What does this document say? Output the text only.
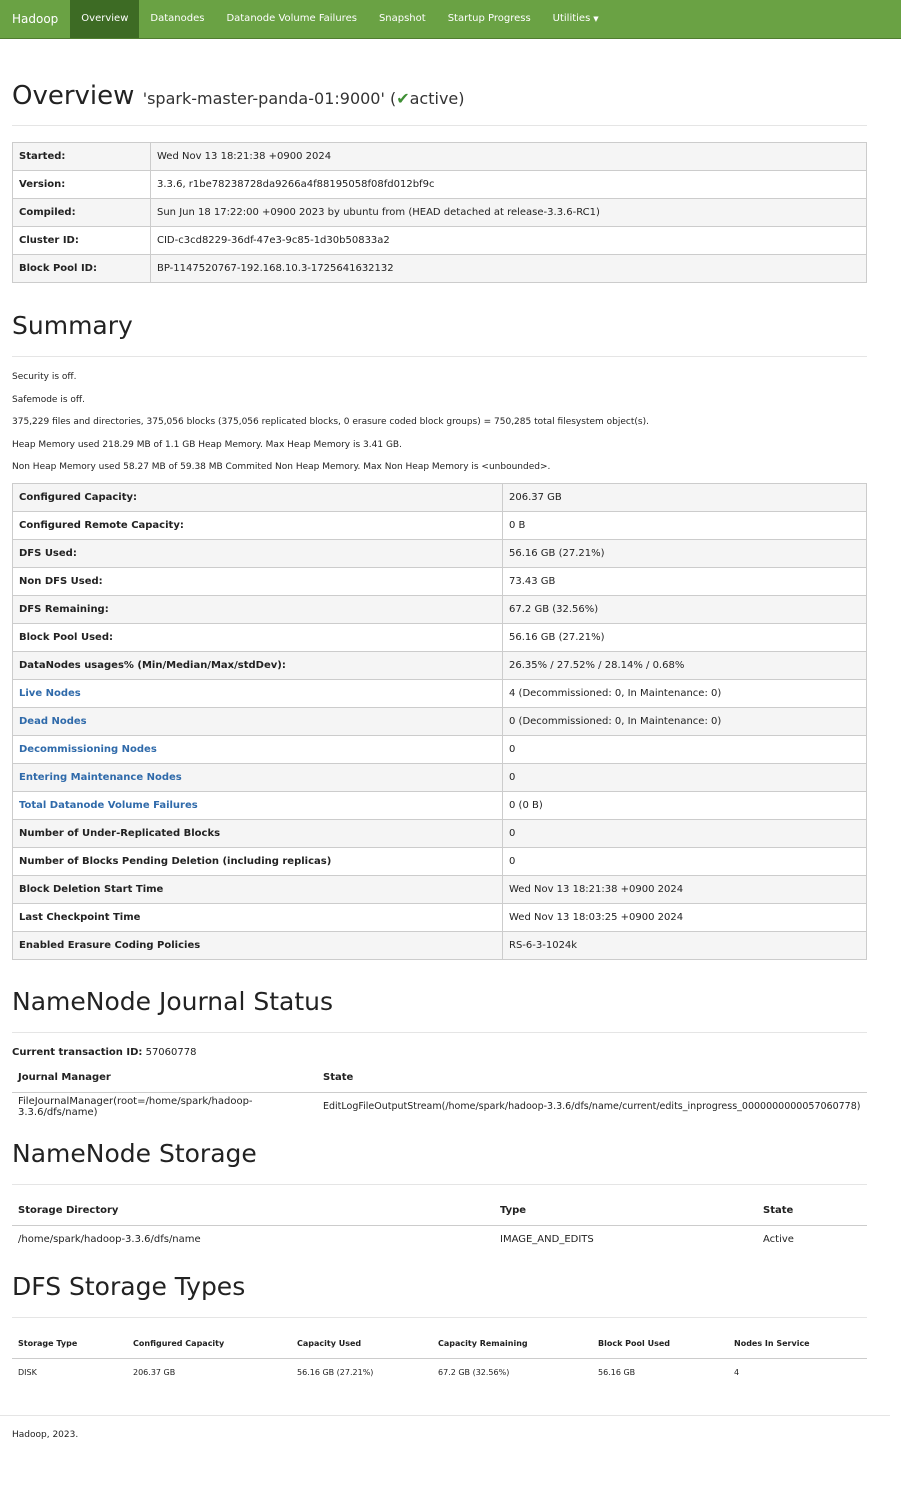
Hadoop	Overview	Datanodes	Datanode Volume Failures	Snapshot	Startup Progress	Utilities ▼
Overview 'spark-master-panda-01:9000' (✔active)
Started:	Wed Nov 13 18:21:38 +0900 2024
Version:	3.3.6, r1be78238728da9266a4f88195058f08fd012bf9c
Compiled:	Sun Jun 18 17:22:00 +0900 2023 by ubuntu from (HEAD detached at release-3.3.6-RC1)
Cluster ID:	CID-c3cd8229-36df-47e3-9c85-1d30b50833a2
Block Pool ID:	BP-1147520767-192.168.10.3-1725641632132
Summary

Security is off.

Safemode is off.

375,229 files and directories, 375,056 blocks (375,056 replicated blocks, 0 erasure coded block groups) = 750,285 total filesystem object(s).

Heap Memory used 218.29 MB of 1.1 GB Heap Memory. Max Heap Memory is 3.41 GB.

Non Heap Memory used 58.27 MB of 59.38 MB Commited Non Heap Memory. Max Non Heap Memory is <unbounded>.

Configured Capacity:	206.37 GB
Configured Remote Capacity:	0 B
DFS Used:	56.16 GB (27.21%)
Non DFS Used:	73.43 GB
DFS Remaining:	67.2 GB (32.56%)
Block Pool Used:	56.16 GB (27.21%)
DataNodes usages% (Min/Median/Max/stdDev):	26.35% / 27.52% / 28.14% / 0.68%
Live Nodes	4 (Decommissioned: 0, In Maintenance: 0)
Dead Nodes	0 (Decommissioned: 0, In Maintenance: 0)
Decommissioning Nodes	0
Entering Maintenance Nodes	0
Total Datanode Volume Failures	0 (0 B)
Number of Under-Replicated Blocks	0
Number of Blocks Pending Deletion (including replicas)	0
Block Deletion Start Time	Wed Nov 13 18:21:38 +0900 2024
Last Checkpoint Time	Wed Nov 13 18:03:25 +0900 2024
Enabled Erasure Coding Policies	RS-6-3-1024k
NameNode Journal Status

Current transaction ID: 57060778

Journal Manager	State
FileJournalManager(root=/home/spark/hadoop-3.3.6/dfs/name)	EditLogFileOutputStream(/home/spark/hadoop-3.3.6/dfs/name/current/edits_inprogress_0000000000057060778)
NameNode Storage
Storage Directory	Type	State
/home/spark/hadoop-3.3.6/dfs/name	IMAGE_AND_EDITS	Active
DFS Storage Types
Storage Type	Configured Capacity	Capacity Used	Capacity Remaining	Block Pool Used	Nodes In Service
DISK	206.37 GB	56.16 GB (27.21%)	67.2 GB (32.56%)	56.16 GB	4
Hadoop, 2023.
